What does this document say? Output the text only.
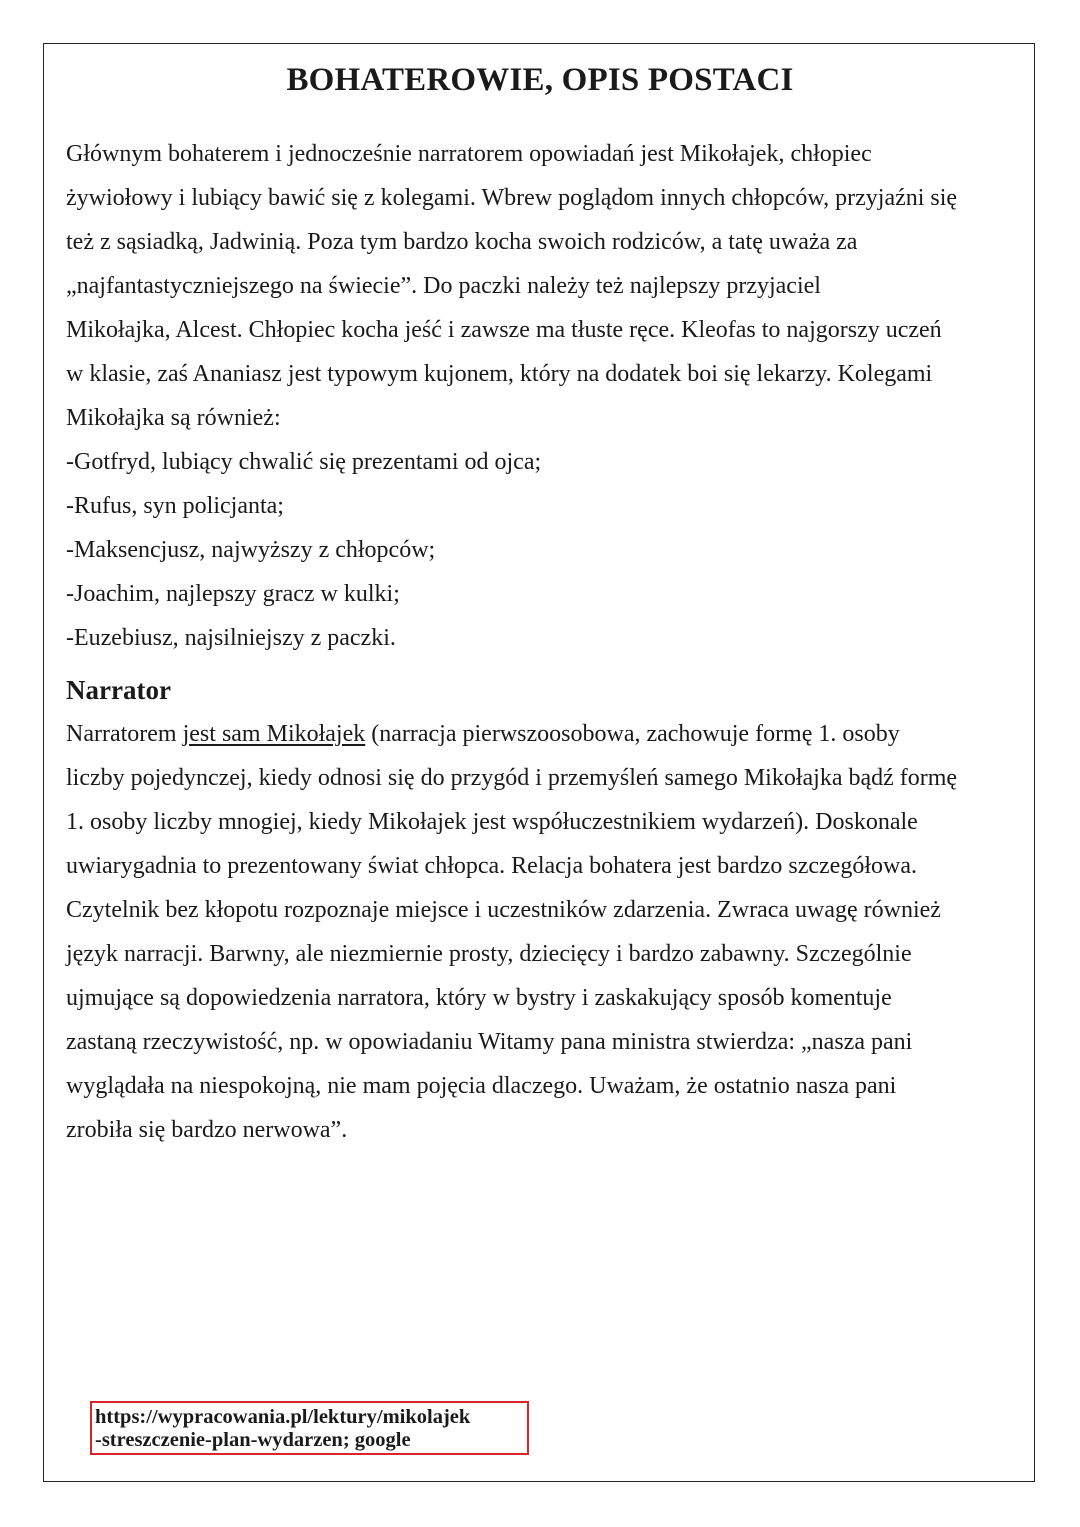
BOHATEROWIE, OPIS POSTACI
Głównym bohaterem i jednocześnie narratorem opowiadań jest Mikołajek, chłopiec
żywiołowy i lubiący bawić się z kolegami. Wbrew poglądom innych chłopców, przyjaźni się
też z sąsiadką, Jadwinią. Poza tym bardzo kocha swoich rodziców, a tatę uważa za
„najfantastyczniejszego na świecie”. Do paczki należy też najlepszy przyjaciel
Mikołajka, Alcest. Chłopiec kocha jeść i zawsze ma tłuste ręce. Kleofas to najgorszy uczeń
w klasie, zaś Ananiasz jest typowym kujonem, który na dodatek boi się lekarzy. Kolegami
Mikołajka są również:
-Gotfryd, lubiący chwalić się prezentami od ojca;
-Rufus, syn policjanta;
-Maksencjusz, najwyższy z chłopców;
-Joachim, najlepszy gracz w kulki;
-Euzebiusz, najsilniejszy z paczki.
Narrator
Narratorem jest sam Mikołajek (narracja pierwszoosobowa, zachowuje formę 1. osoby
liczby pojedynczej, kiedy odnosi się do przygód i przemyśleń samego Mikołajka bądź formę
1. osoby liczby mnogiej, kiedy Mikołajek jest współuczestnikiem wydarzeń). Doskonale
uwiarygadnia to prezentowany świat chłopca. Relacja bohatera jest bardzo szczegółowa.
Czytelnik bez kłopotu rozpoznaje miejsce i uczestników zdarzenia. Zwraca uwagę również
język narracji. Barwny, ale niezmiernie prosty, dziecięcy i bardzo zabawny. Szczególnie
ujmujące są dopowiedzenia narratora, który w bystry i zaskakujący sposób komentuje
zastaną rzeczywistość, np. w opowiadaniu Witamy pana ministra stwierdza: „nasza pani
wyglądała na niespokojną, nie mam pojęcia dlaczego. Uważam, że ostatnio nasza pani
zrobiła się bardzo nerwowa”.
https://wypracowania.pl/lektury/mikolajek
-streszczenie-plan-wydarzen; google
